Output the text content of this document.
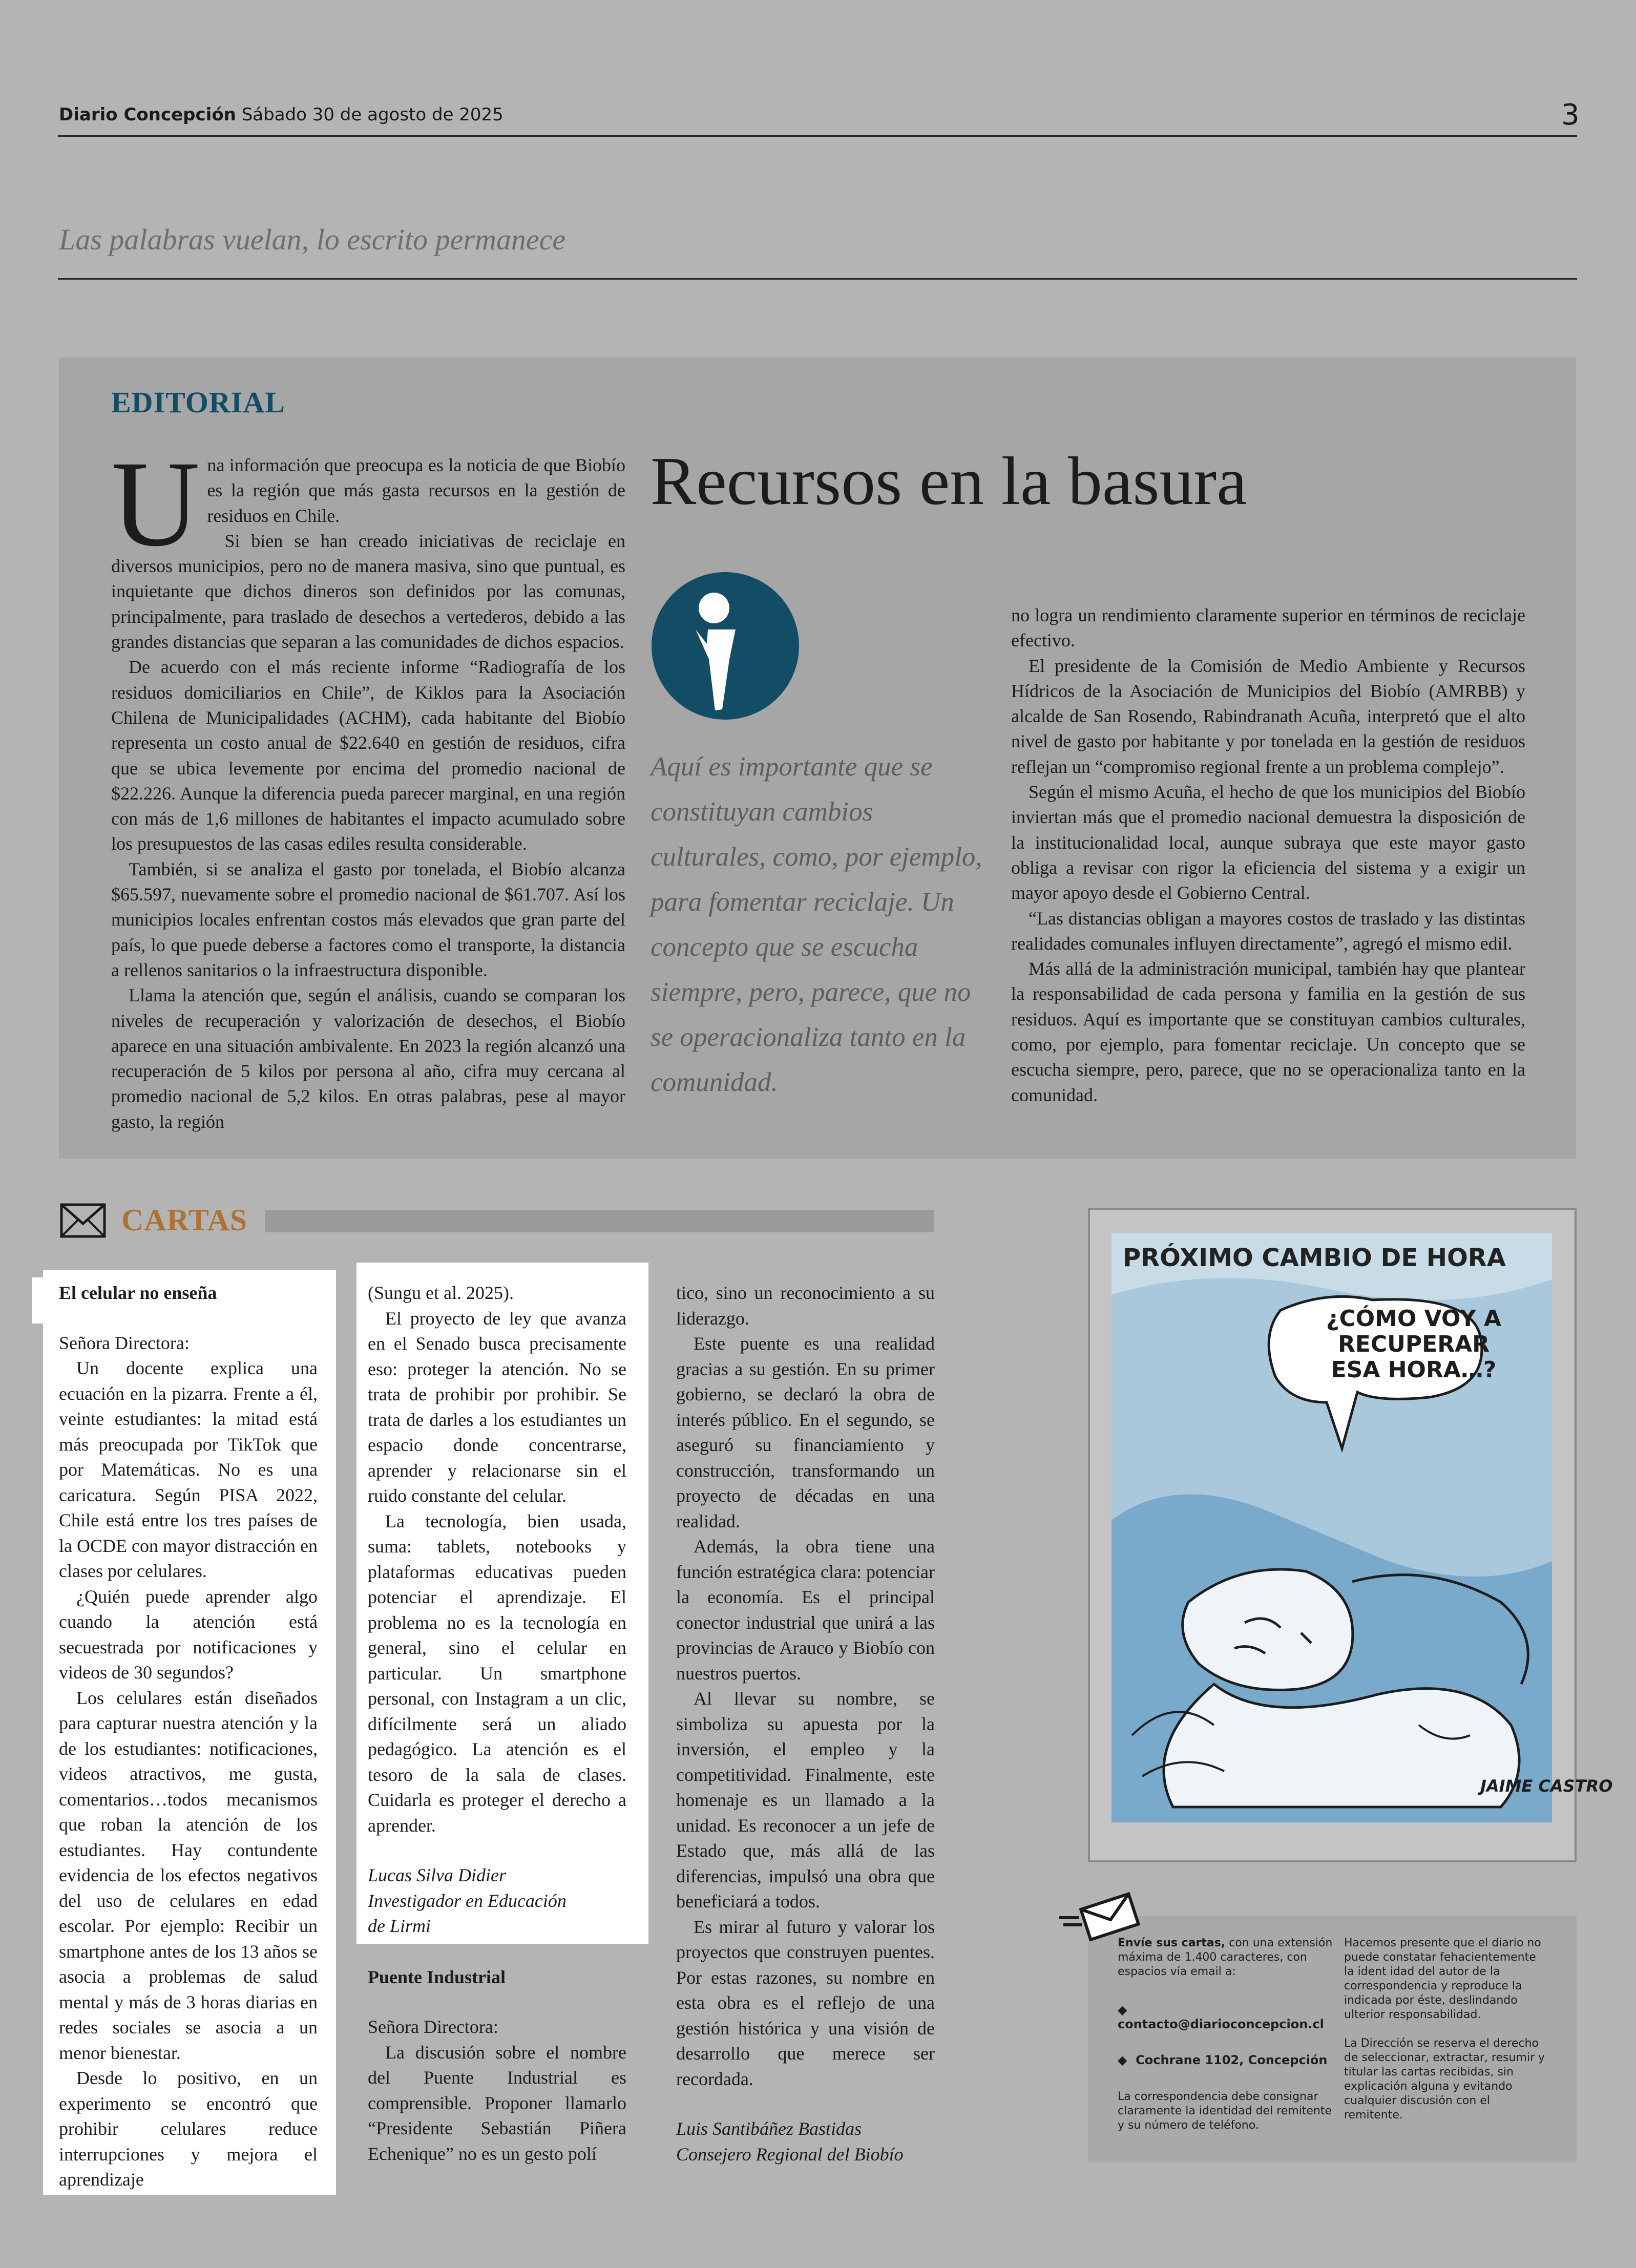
Diario Concepción Sábado 30 de agosto de 2025	3
Las palabras vuelan, lo escrito permanece
EDITORIAL
U na información que preocupa es la noticia de que Biobío es la región que más gasta recursos en la gestión de residuos en Chile.

Si bien se han creado iniciativas de reciclaje en diversos municipios, pero no de manera masiva, sino que puntual, es inquietante que dichos dineros son definidos por las comunas, principalmente, para traslado de desechos a vertederos, debido a las grandes distancias que separan a las comunidades de dichos espacios.

De acuerdo con el más reciente informe “Radiografía de los residuos domiciliarios en Chile”, de Kiklos para la Asociación Chilena de Municipalidades (ACHM), cada habitante del Biobío representa un costo anual de $22.640 en gestión de residuos, cifra que se ubica levemente por encima del promedio nacional de $22.226. Aunque la diferencia pueda parecer marginal, en una región con más de 1,6 millones de habitantes el impacto acumulado sobre los presupuestos de las casas ediles resulta considerable.

También, si se analiza el gasto por tonelada, el Biobío alcanza $65.597, nuevamente sobre el promedio nacional de $61.707. Así los municipios locales enfrentan costos más elevados que gran parte del país, lo que puede deberse a factores como el transporte, la distancia a rellenos sanitarios o la infraestructura disponible.

Llama la atención que, según el análisis, cuando se comparan los niveles de recuperación y valorización de desechos, el Biobío aparece en una situación ambivalente. En 2023 la región alcanzó una recuperación de 5 kilos por persona al año, cifra muy cercana al promedio nacional de 5,2 kilos. En otras palabras, pese al mayor gasto, la región

Recursos en la basura
Aquí es importante que se constituyan cambios culturales, como, por ejemplo, para fomentar reciclaje. Un concepto que se escucha siempre, pero, parece, que no se operacionaliza tanto en la comunidad.

no logra un rendimiento claramente superior en términos de reciclaje efectivo.

El presidente de la Comisión de Medio Ambiente y Recursos Hídricos de la Asociación de Municipios del Biobío (AMRBB) y alcalde de San Rosendo, Rabindranath Acuña, interpretó que el alto nivel de gasto por habitante y por tonelada en la gestión de residuos reflejan un “compromiso regional frente a un problema complejo”.

Según el mismo Acuña, el hecho de que los municipios del Biobío inviertan más que el promedio nacional demuestra la disposición de la institucionalidad local, aunque subraya que este mayor gasto obliga a revisar con rigor la eficiencia del sistema y a exigir un mayor apoyo desde el Gobierno Central.

“Las distancias obligan a mayores costos de traslado y las distintas realidades comunales influyen directamente”, agregó el mismo edil.

Más allá de la administración municipal, también hay que plantear la responsabilidad de cada persona y familia en la gestión de sus residuos. Aquí es importante que se constituyan cambios culturales, como, por ejemplo, para fomentar reciclaje. Un concepto que se escucha siempre, pero, parece, que no se operacionaliza tanto en la comunidad.

CARTAS

El celular no enseña

Señora Directora:

Un docente explica una ecuación en la pizarra. Frente a él, veinte estudiantes: la mitad está más preocupada por TikTok que por Matemáticas. No es una caricatura. Según PISA 2022, Chile está entre los tres países de la OCDE con mayor distracción en clases por celulares.

¿Quién puede aprender algo cuando la atención está secuestrada por notificaciones y videos de 30 segundos?

Los celulares están diseñados para capturar nuestra atención y la de los estudiantes: notificaciones, videos atractivos, me gusta, comentarios…todos mecanismos que roban la atención de los estudiantes. Hay contundente evidencia de los efectos negativos del uso de celulares en edad escolar. Por ejemplo: Recibir un smartphone antes de los 13 años se asocia a problemas de salud mental y más de 3 horas diarias en redes sociales se asocia a un menor bienestar.

Desde lo positivo, en un experimento se encontró que prohibir celulares reduce interrupciones y mejora el aprendizaje

(Sungu et al. 2025).

El proyecto de ley que avanza en el Senado busca precisamente eso: proteger la atención. No se trata de prohibir por prohibir. Se trata de darles a los estudiantes un espacio donde concentrarse, aprender y relacionarse sin el ruido constante del celular.

La tecnología, bien usada, suma: tablets, notebooks y plataformas educativas pueden potenciar el aprendizaje. El problema no es la tecnología en general, sino el celular en particular. Un smartphone personal, con Instagram a un clic, difícilmente será un aliado pedagógico. La atención es el tesoro de la sala de clases. Cuidarla es proteger el derecho a aprender.

Lucas Silva Didier

Investigador en Educación

de Lirmi

Puente Industrial

Señora Directora:

La discusión sobre el nombre del Puente Industrial es comprensible. Proponer llamarlo “Presidente Sebastián Piñera Echenique” no es un gesto polí

tico, sino un reconocimiento a su liderazgo.

Este puente es una realidad gracias a su gestión. En su primer gobierno, se declaró la obra de interés público. En el segundo, se aseguró su financiamiento y construcción, transformando un proyecto de décadas en una realidad.

Además, la obra tiene una función estratégica clara: potenciar la economía. Es el principal conector industrial que unirá a las provincias de Arauco y Biobío con nuestros puertos.

Al llevar su nombre, se simboliza su apuesta por la inversión, el empleo y la competitividad. Finalmente, este homenaje es un llamado a la unidad. Es reconocer a un jefe de Estado que, más allá de las diferencias, impulsó una obra que beneficiará a todos.

Es mirar al futuro y valorar los proyectos que construyen puentes. Por estas razones, su nombre en esta obra es el reflejo de una gestión histórica y una visión de desarrollo que merece ser recordada.

Luis Santibáñez Bastidas

Consejero Regional del Biobío

JAIME CASTRO
PRÓXIMO CAMBIO DE HORA
¿CÓMO VOY A RECUPERAR ESA HORA…?
Envíe sus cartas, con una extensión máxima de 1.400 caracteres, con espacios vía email a:
◆  contacto@diarioconcepcion.cl
◆  Cochrane 1102, Concepción
La correspondencia debe consignar claramente la identidad del remitente y su número de teléfono.

Hacemos presente que el diario no puede constatar fehacientemente la ident idad del autor de la correspondencia y reproduce la indicada por éste, deslindando ulterior responsabilidad.

La Dirección se reserva el derecho de seleccionar, extractar, resumir y titular las cartas recibidas, sin explicación alguna y evitando cualquier discusión con el remitente.
